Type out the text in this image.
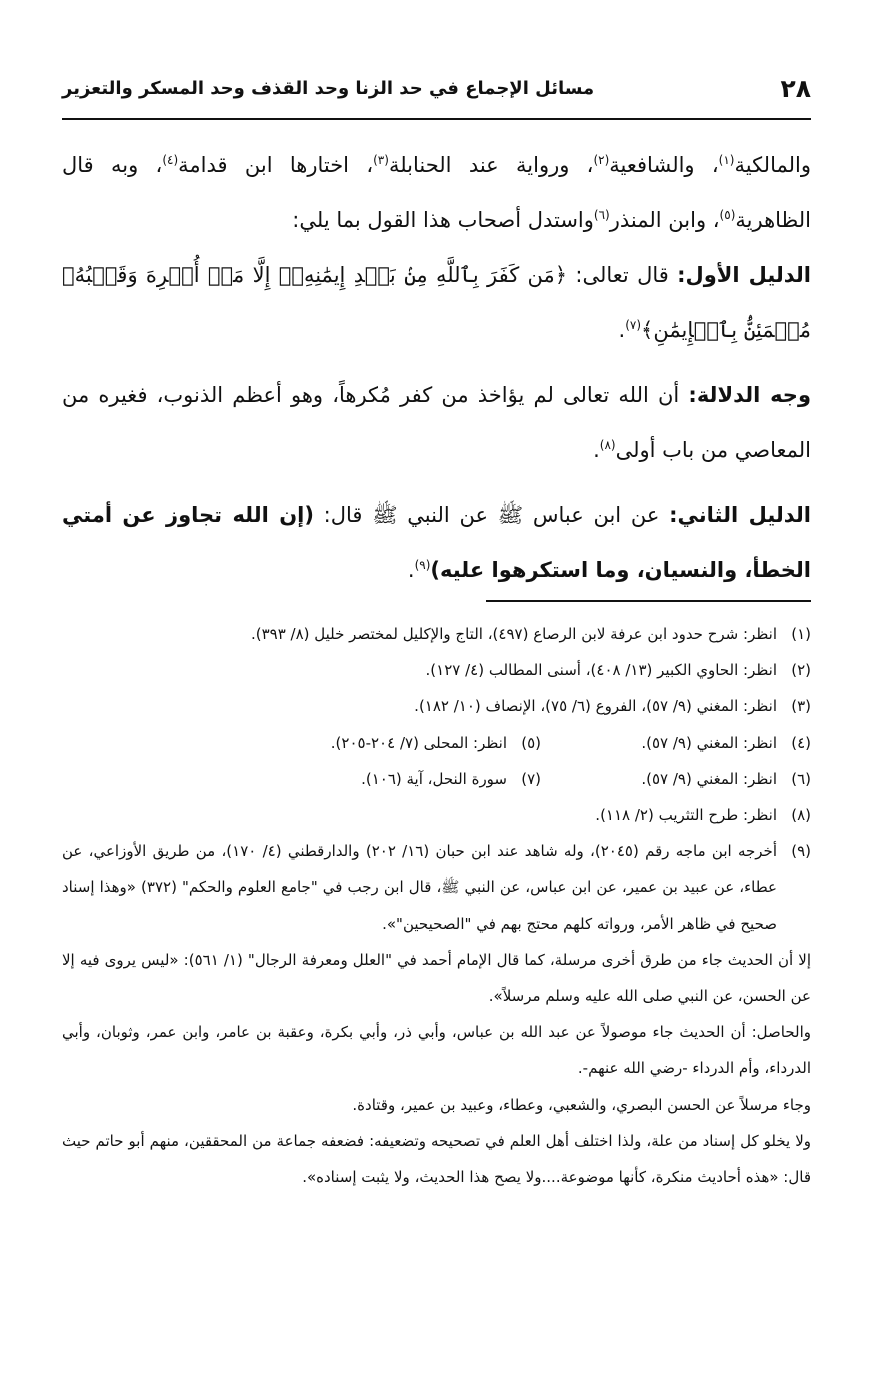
٢٨
مسائل الإجماع في حد الزنا وحد القذف وحد المسكر والتعزير

والمالكية$^{(١)}$، والشافعية$^{(٢)}$، ورواية عند الحنابلة$^{(٣)}$، اختارها ابن قدامة$^{(٤)}$، وبه قال الظاهرية$^{(٥)}$، وابن المنذر$^{(٦)}$واستدل أصحاب هذا القول بما يلي:

الدليل الأول: قال تعالى: ﴿مَن كَفَرَ بِٱللَّهِ مِنۢ بَعۡدِ إِيمَٰنِهِۦٓ إِلَّا مَنۡ أُكۡرِهَ وَقَلۡبُهُۥ مُطۡمَئِنُّۢ بِٱلۡإِيمَٰنِ﴾$^{(٧)}$.

وجه الدلالة: أن الله تعالى لم يؤاخذ من كفر مُكرهاً، وهو أعظم الذنوب، فغيره من المعاصي من باب أولى$^{(٨)}$.

الدليل الثاني: عن ابن عباس ﷺ عن النبي ﷺ قال: (إن الله تجاوز عن أمتي الخطأ، والنسيان، وما استكرهوا عليه)$^{(٩)}$.

(١)
انظر: شرح حدود ابن عرفة لابن الرصاع (٤٩٧)، التاج والإكليل لمختصر خليل (٨/ ٣٩٣).
(٢)
انظر: الحاوي الكبير (١٣/ ٤٠٨)، أسنى المطالب (٤/ ١٢٧).
(٣)
انظر: المغني (٩/ ٥٧)، الفروع (٦/ ٧٥)، الإنصاف (١٠/ ١٨٢).
(٤)
انظر: المغني (٩/ ٥٧).
(٥)
انظر: المحلى (٧/ ٢٠٤-٢٠٥).
(٦)
انظر: المغني (٩/ ٥٧).
(٧)
سورة النحل، آية (١٠٦).
(٨)
انظر: طرح التثريب (٢/ ١١٨).
(٩)
أخرجه ابن ماجه رقم (٢٠٤٥)، وله شاهد عند ابن حبان (١٦/ ٢٠٢) والدارقطني (٤/ ١٧٠)، من طريق الأوزاعي، عن عطاء، عن عبيد بن عمير، عن ابن عباس، عن النبي ﷺ، قال ابن رجب في "جامع العلوم والحكم" (٣٧٢) «وهذا إسناد صحيح في ظاهر الأمر، ورواته كلهم محتج بهم في "الصحيحين"».

إلا أن الحديث جاء من طرق أخرى مرسلة، كما قال الإمام أحمد في "العلل ومعرفة الرجال" (١/ ٥٦١): «ليس يروى فيه إلا عن الحسن، عن النبي صلى الله عليه وسلم مرسلاً».

والحاصل: أن الحديث جاء موصولاً عن عبد الله بن عباس، وأبي ذر، وأبي بكرة، وعقبة بن عامر، وابن عمر، وثوبان، وأبي الدرداء، وأم الدرداء -رضي الله عنهم-.

وجاء مرسلاً عن الحسن البصري، والشعبي، وعطاء، وعبيد بن عمير، وقتادة.

ولا يخلو كل إسناد من علة، ولذا اختلف أهل العلم في تصحيحه وتضعيفه: فضعفه جماعة من المحققين، منهم أبو حاتم حيث قال: «هذه أحاديث منكرة، كأنها موضوعة....ولا يصح هذا الحديث، ولا يثبت إسناده».
